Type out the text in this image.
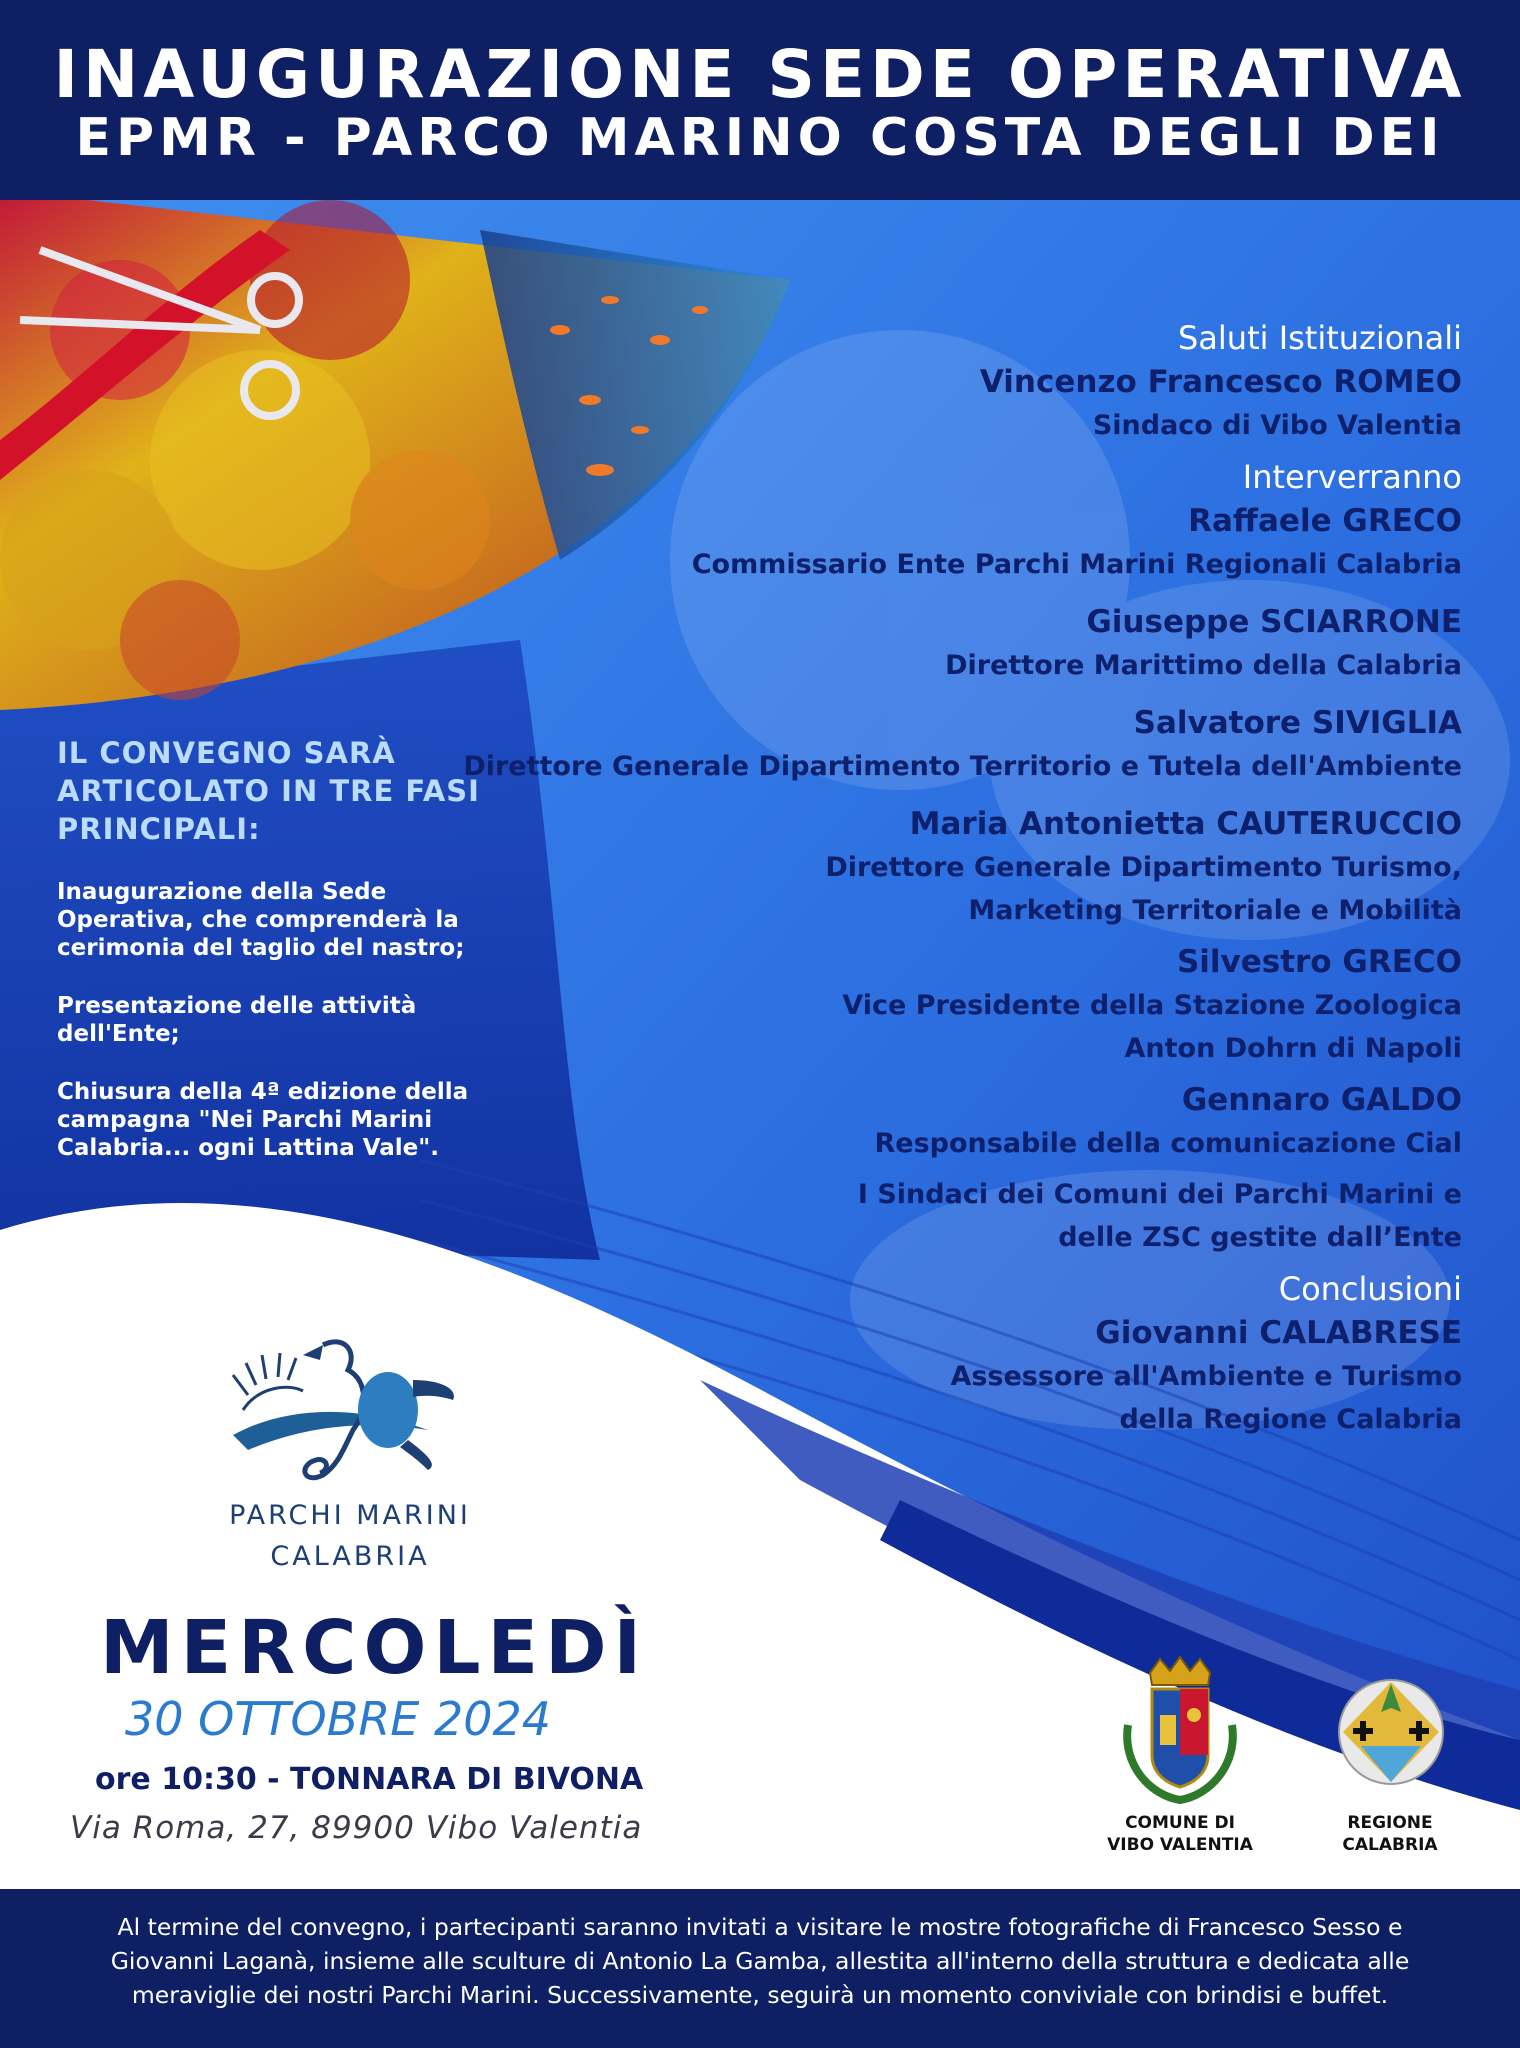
INAUGURAZIONE SEDE OPERATIVA
EPMR - PARCO MARINO COSTA DEGLI DEI
Saluti Istituzionali
Vincenzo Francesco ROMEO
Sindaco di Vibo Valentia
Interverranno
Raffaele GRECO
Commissario Ente Parchi Marini Regionali Calabria
Giuseppe SCIARRONE
Direttore Marittimo della Calabria
Salvatore SIVIGLIA
Direttore Generale Dipartimento Territorio e Tutela dell'Ambiente
Maria Antonietta CAUTERUCCIO
Direttore Generale Dipartimento Turismo,
Marketing Territoriale e Mobilità
Silvestro GRECO
Vice Presidente della Stazione Zoologica
Anton Dohrn di Napoli
Gennaro GALDO
Responsabile della comunicazione Cial
I Sindaci dei Comuni dei Parchi Marini e
delle ZSC gestite dall’Ente
Conclusioni
Giovanni CALABRESE
Assessore all'Ambiente e Turismo
della Regione Calabria
IL CONVEGNO SARÀ
ARTICOLATO IN TRE FASI
PRINCIPALI:
Inaugurazione della Sede
Operativa, che comprenderà la
cerimonia del taglio del nastro;
Presentazione delle attività
dell'Ente;
Chiusura della 4ª edizione della
campagna "Nei Parchi Marini
Calabria... ogni Lattina Vale".
PARCHI MARINI
CALABRIA
MERCOLEDÌ
30 OTTOBRE 2024
ore 10:30 - TONNARA DI BIVONA
Via Roma, 27, 89900 Vibo Valentia	COMUNE DI
VIBO VALENTIA
REGIONE
CALABRIA
Al termine del convegno, i partecipanti saranno invitati a visitare le mostre fotografiche di Francesco Sesso e
Giovanni Laganà, insieme alle sculture di Antonio La Gamba, allestita all'interno della struttura e dedicata alle
meraviglie dei nostri Parchi Marini. Successivamente, seguirà un momento conviviale con brindisi e buffet.
